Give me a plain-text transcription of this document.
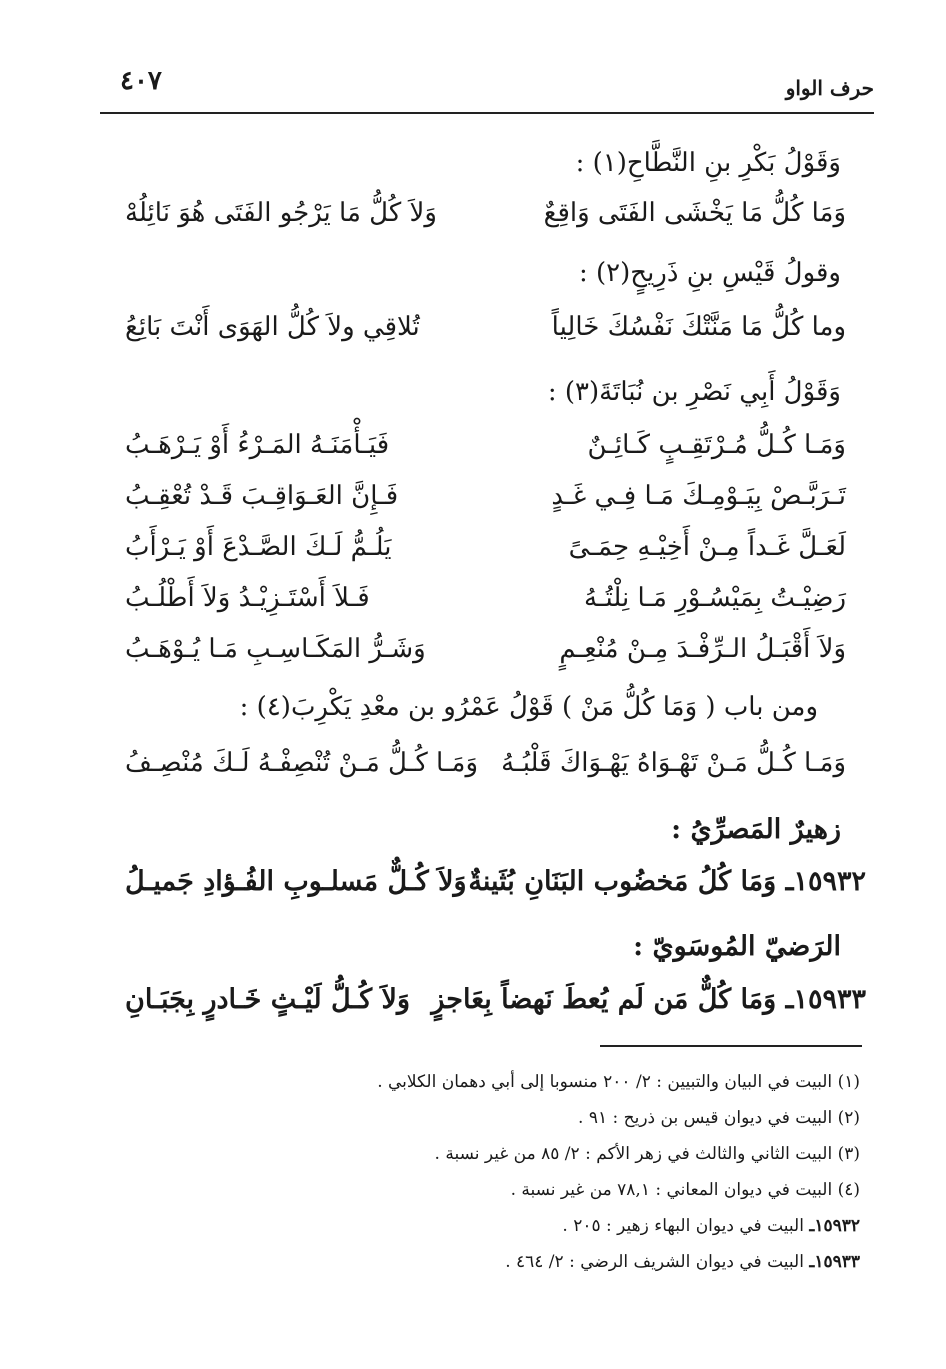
٤٠٧	حرف الواو
وَقَوْلُ بَكْرِ بنِ النَّطَّاحِ(١) :
وَمَا كُلُّ مَا يَخْشَى الفَتَى وَاقِعٌ
وَلاَ كُلُّ مَا يَرْجُو الفَتَى هُوَ نَائِلُهْ
وقولُ قَيْسِ بنِ ذَرِيحٍ(٢) :
وما كُلُّ مَا مَنَّتْكَ نَفْسُكَ خَالِياً
تُلاقِي ولاَ كُلُّ الهَوَى أَنْتَ بَائِعُ
وَقَوْلُ أَبِي نَصْرِ بن نُبَاتَةَ(٣) :
وَمَـا كُـلُّ مُـرْتَقِـبٍ كَـائِـنٌ
فَيَـأْمَنَـهُ المَـرْءُ أَوْ يَـرْهَـبُ
تَـرَبَّـصْ بِيَـوْمِـكَ مَـا فِـي غَـدٍ
فَـإِنَّ العَـوَاقِـبَ قَـدْ تُعْقِـبُ
لَعَـلَّ غَـداً مِـنْ أَخِيْـهِ حِمَـىً
يَلُـمُّ لَـكَ الصَّـدْعَ أَوْ يَـرْأَبُ
رَضِيْـتُ بِمَيْسُـوْرِ مَـا نِلْتُـهُ
فَـلاَ أَسْتَـزِيْـدُ وَلاَ أَطْلُـبُ
وَلاَ أَقْبَـلُ الـرِّفْـدَ مِـنْ مُنْعِـمٍ
وَشَـرُّ المَكَـاسِـبِ مَـا يُـوْهَـبُ
ومن باب ( وَمَا كُلُّ مَنْ ) قَوْلُ عَمْرُو بن معْدِ يَكْرِبَ(٤) :
وَمَـا كُـلُّ مَـنْ تَهْـوَاهُ يَهْـوَاكَ قَلْبُـهُ
وَمَـا كُـلُّ مَـنْ تُنْصِفْـهُ لَـكَ مُنْصِـفُ
زهيرٌ المَصرِّيُ :
١٥٩٣٢ـ وَمَا كُلُ مَخضُوب البَنَانِ بُثَينةٌ
وَلاَ كُـلٌّ مَسلـوبِ الفُـؤادِ جَميـلُ
الرَضيّ المُوسَويّ :
١٥٩٣٣ـ وَمَا كُلٌّ مَن لَم يُعطَ نَهضاً بِعَاجزٍ
وَلاَ كُـلُّ لَيْـثٍ خَـادرٍ بِجَبَـانِ
(١) البيت في البيان والتبيين : ٢/ ٢٠٠ منسوبا إلى أبي دهمان الكلابي .
(٢) البيت في ديوان قيس بن ذريح : ٩١ .
(٣) البيت الثاني والثالث في زهر الأكم : ٢/ ٨٥ من غير نسبة .
(٤) البيت في ديوان المعاني : ٧٨,١ من غير نسبة .
١٥٩٣٢ـ البيت في ديوان البهاء زهير : ٢٠٥ .
١٥٩٣٣ـ البيت في ديوان الشريف الرضي : ٢/ ٤٦٤ .
